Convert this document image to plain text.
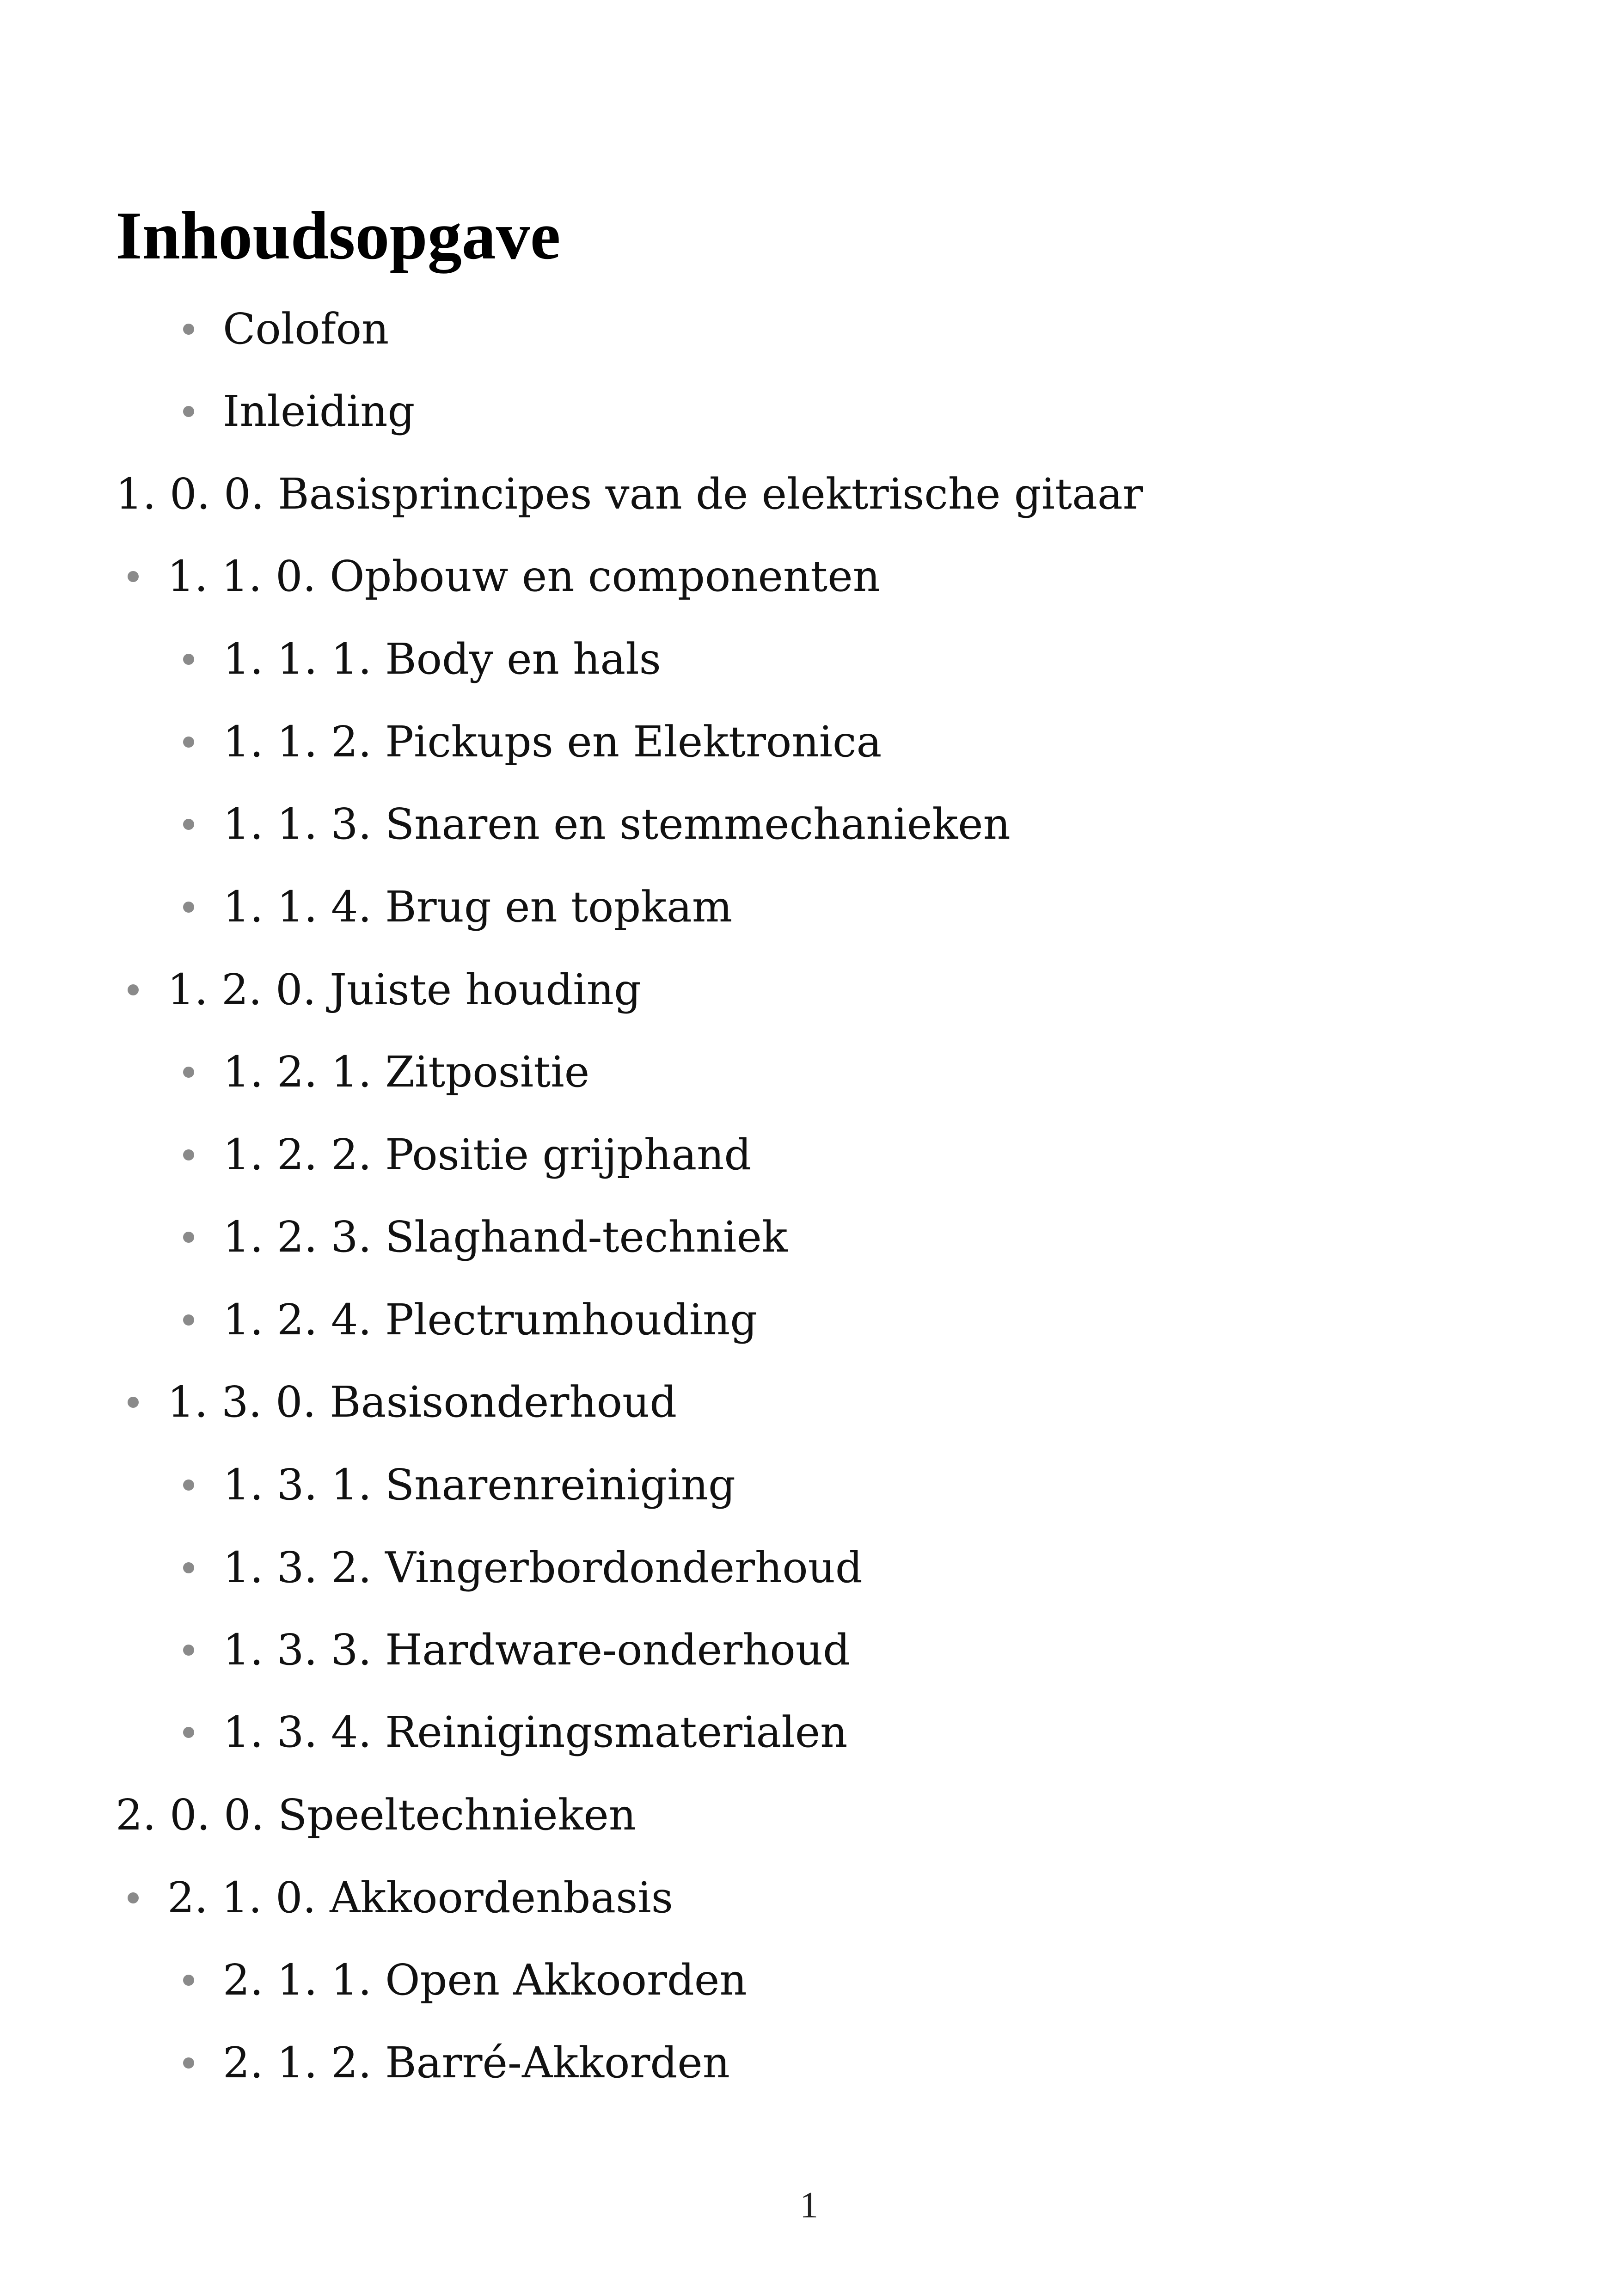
Inhoudsopgave
Colofon
Inleiding
1. 0. 0. Basisprincipes van de elektrische gitaar
1. 1. 0. Opbouw en componenten
1. 1. 1. Body en hals
1. 1. 2. Pickups en Elektronica
1. 1. 3. Snaren en stemmechanieken
1. 1. 4. Brug en topkam
1. 2. 0. Juiste houding
1. 2. 1. Zitpositie
1. 2. 2. Positie grijphand
1. 2. 3. Slaghand-techniek
1. 2. 4. Plectrumhouding
1. 3. 0. Basisonderhoud
1. 3. 1. Snarenreiniging
1. 3. 2. Vingerbordonderhoud
1. 3. 3. Hardware-onderhoud
1. 3. 4. Reinigingsmaterialen
2. 0. 0. Speeltechnieken
2. 1. 0. Akkoordenbasis
2. 1. 1. Open Akkoorden
2. 1. 2. Barré-Akkorden
1
